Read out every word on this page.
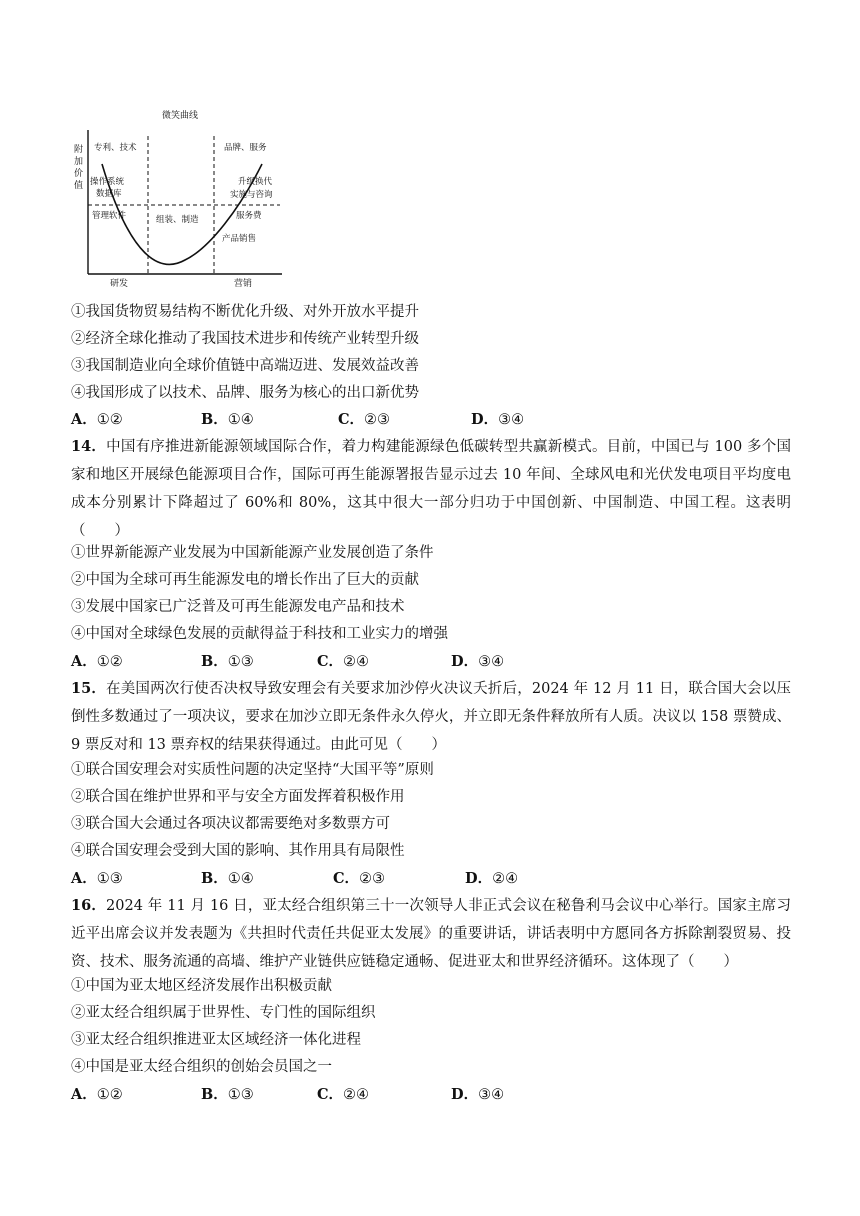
微笑曲线
附
加
价
值
专利、技术
操作系统
数据库
管理软件	组装、制造
品牌、服务
升级换代
实施与咨询
服务费
产品销售
研发	营销
①我国货物贸易结构不断优化升级、对外开放水平提升
②经济全球化推动了我国技术进步和传统产业转型升级
③我国制造业向全球价值链中高端迈进、发展效益改善
④我国形成了以技术、品牌、服务为核心的出口新优势
A．①②	B．①④	C．②③	D．③④
14．中国有序推进新能源领域国际合作，着力构建能源绿色低碳转型共赢新模式。目前，中国已与 100 多个国家和地区开展绿色能源项目合作，国际可再生能源署报告显示过去 10 年间、全球风电和光伏发电项目平均度电成本分别累计下降超过了 60%和 80%，这其中很大一部分归功于中国创新、中国制造、中国工程。这表明（　　）
①世界新能源产业发展为中国新能源产业发展创造了条件
②中国为全球可再生能源发电的增长作出了巨大的贡献
③发展中国家已广泛普及可再生能源发电产品和技术
④中国对全球绿色发展的贡献得益于科技和工业实力的增强
A．①②	B．①③	C．②④	D．③④
15．在美国两次行使否决权导致安理会有关要求加沙停火决议夭折后，2024 年 12 月 11 日，联合国大会以压倒性多数通过了一项决议，要求在加沙立即无条件永久停火，并立即无条件释放所有人质。决议以 158 票赞成、9 票反对和 13 票弃权的结果获得通过。由此可见（　　）
①联合国安理会对实质性问题的决定坚持“大国平等”原则
②联合国在维护世界和平与安全方面发挥着积极作用
③联合国大会通过各项决议都需要绝对多数票方可
④联合国安理会受到大国的影响、其作用具有局限性
A．①③	B．①④	C．②③	D．②④
16．2024 年 11 月 16 日，亚太经合组织第三十一次领导人非正式会议在秘鲁利马会议中心举行。国家主席习近平出席会议并发表题为《共担时代责任共促亚太发展》的重要讲话，讲话表明中方愿同各方拆除割裂贸易、投资、技术、服务流通的高墙、维护产业链供应链稳定通畅、促进亚太和世界经济循环。这体现了（　　）
①中国为亚太地区经济发展作出积极贡献
②亚太经合组织属于世界性、专门性的国际组织
③亚太经合组织推进亚太区域经济一体化进程
④中国是亚太经合组织的创始会员国之一
A．①②	B．①③	C．②④	D．③④
